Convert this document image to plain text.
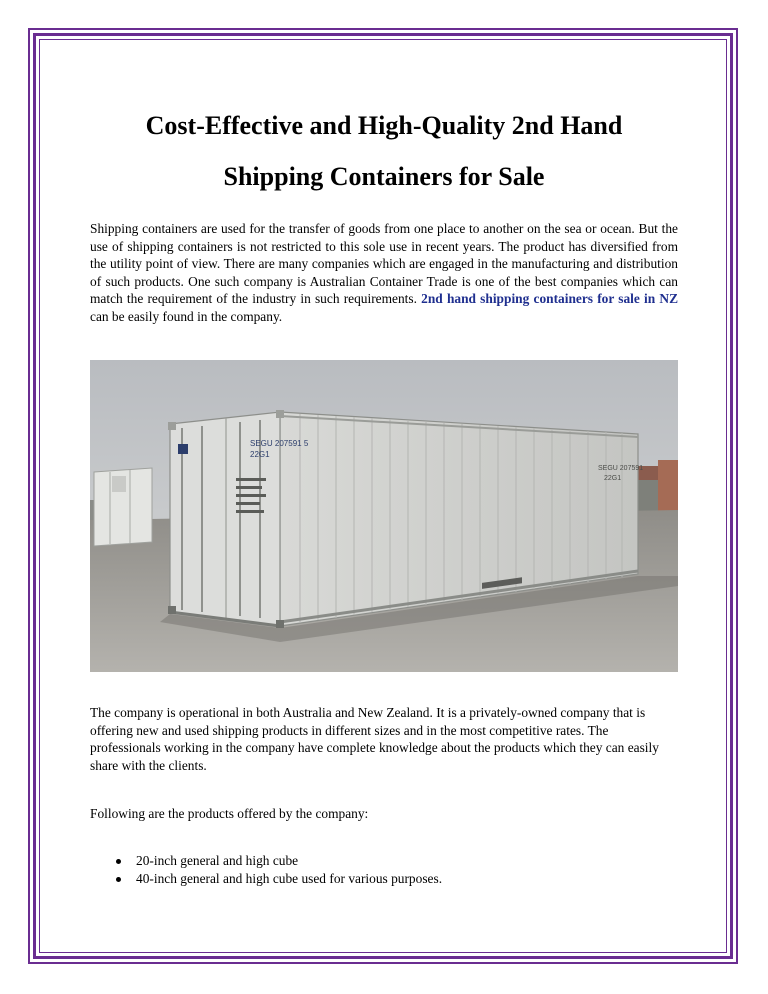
Cost-Effective and High-Quality 2nd Hand
Shipping Containers for Sale

Shipping containers are used for the transfer of goods from one place to another on the sea or ocean. But the use of shipping containers is not restricted to this sole use in recent years. The product has diversified from the utility point of view. There are many companies which are engaged in the manufacturing and distribution of such products. One such company is Australian Container Trade is one of the best companies which can match the requirement of the industry in such requirements. 2nd hand shipping containers for sale in NZ can be easily found in the company.

SEGU 207591 5
22G1
SEGU 207591
22G1

The company is operational in both Australia and New Zealand. It is a privately-owned company that is offering new and used shipping products in different sizes and in the most competitive rates. The professionals working in the company have complete knowledge about the products which they can easily share with the clients.

Following are the products offered by the company:

20-inch general and high cube
40-inch general and high cube used for various purposes.
